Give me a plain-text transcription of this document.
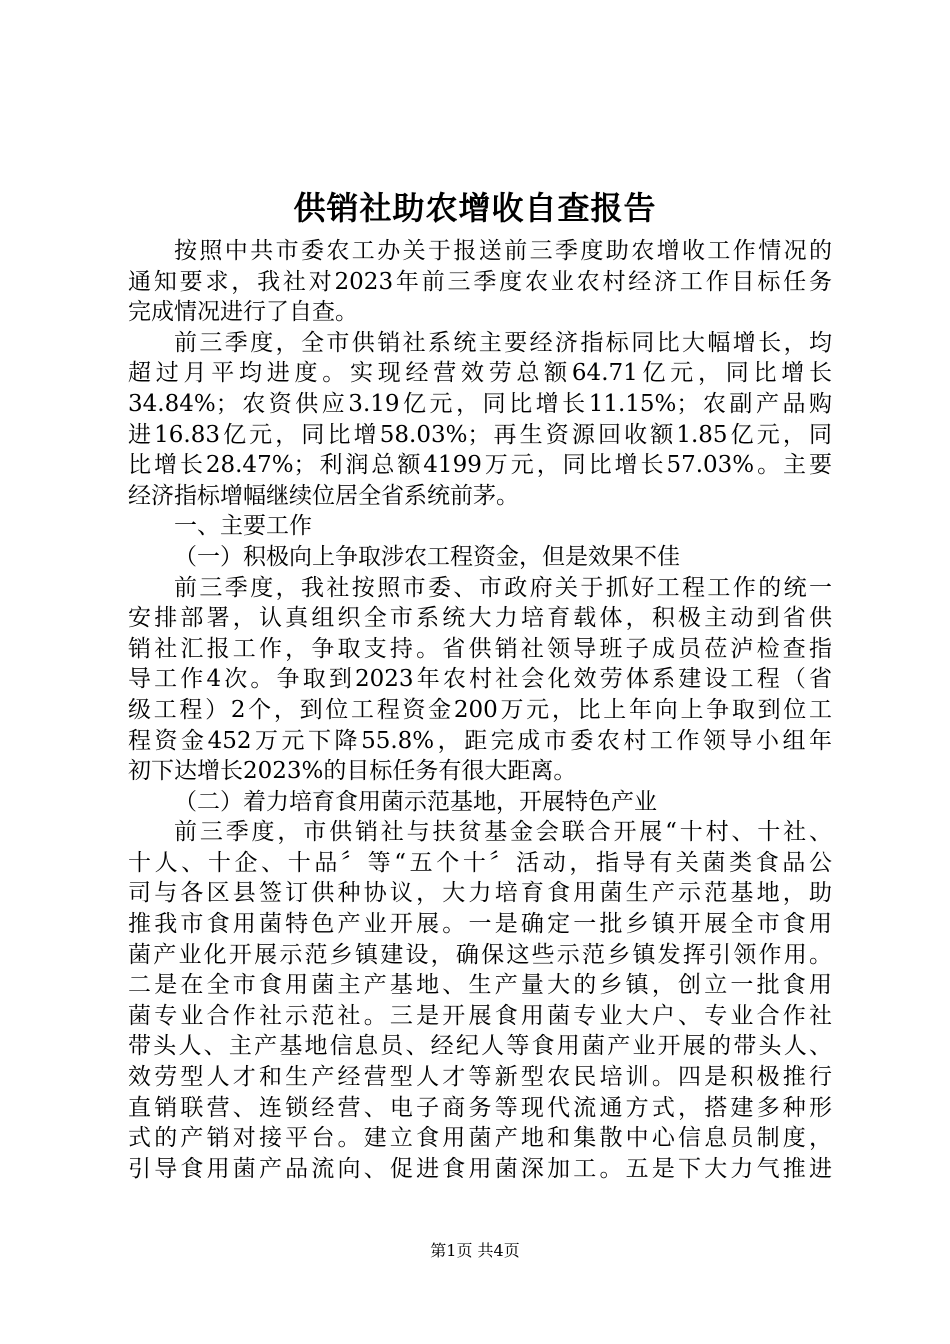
供销社助农增收自查报告
按照中共市委农工办关于报送前三季度助农增收工作情况的
通知要求，我社对2023年前三季度农业农村经济工作目标任务
完成情况进行了自查。
前三季度，全市供销社系统主要经济指标同比大幅增长，均
超过月平均进度。实现经营效劳总额64.71亿元，同比增长
34.84%；农资供应3.19亿元，同比增长11.15%；农副产品购
进16.83亿元，同比增58.03%；再生资源回收额1.85亿元，同
比增长28.47%；利润总额4199万元，同比增长57.03%。主要
经济指标增幅继续位居全省系统前茅。
一、主要工作
（一）积极向上争取涉农工程资金，但是效果不佳
前三季度，我社按照市委、市政府关于抓好工程工作的统一
安排部署，认真组织全市系统大力培育载体，积极主动到省供
销社汇报工作，争取支持。省供销社领导班子成员莅泸检查指
导工作4次。争取到2023年农村社会化效劳体系建设工程（省
级工程）2个，到位工程资金200万元，比上年向上争取到位工
程资金452万元下降55.8%，距完成市委农村工作领导小组年
初下达增长2023%的目标任务有很大距离。
（二）着力培育食用菌示范基地，开展特色产业
前三季度，市供销社与扶贫基金会联合开展“十村、十社、
十人、十企、十品〞等“五个十〞活动，指导有关菌类食品公
司与各区县签订供种协议，大力培育食用菌生产示范基地，助
推我市食用菌特色产业开展。一是确定一批乡镇开展全市食用
菌产业化开展示范乡镇建设，确保这些示范乡镇发挥引领作用。
二是在全市食用菌主产基地、生产量大的乡镇，创立一批食用
菌专业合作社示范社。三是开展食用菌专业大户、专业合作社
带头人、主产基地信息员、经纪人等食用菌产业开展的带头人、
效劳型人才和生产经营型人才等新型农民培训。四是积极推行
直销联营、连锁经营、电子商务等现代流通方式，搭建多种形
式的产销对接平台。建立食用菌产地和集散中心信息员制度，
引导食用菌产品流向、促进食用菌深加工。五是下大力气推进
第1页 共4页
